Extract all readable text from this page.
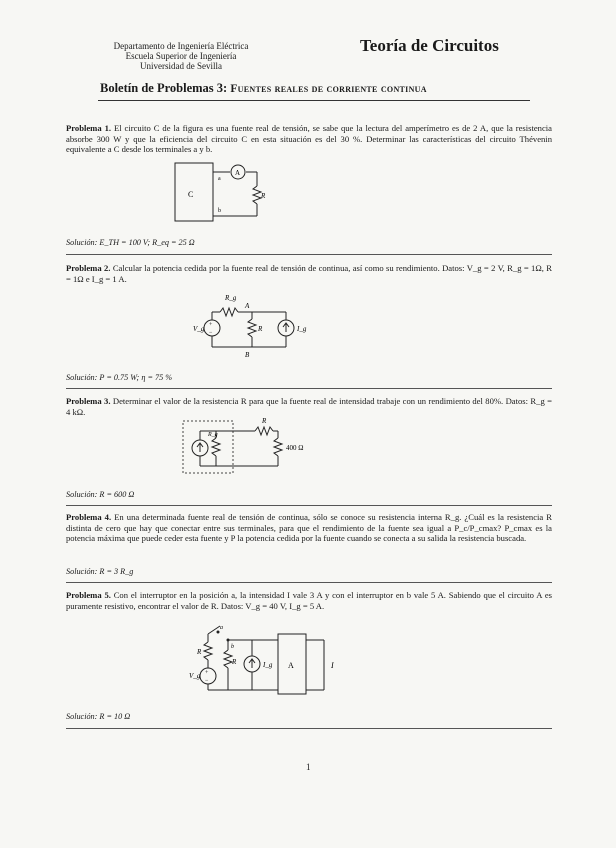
Departamento de Ingeniería Eléctrica
Escuela Superior de Ingeniería
Universidad de Sevilla
Teoría de Circuitos
Boletín de Problemas 3: Fuentes reales de corriente continua
Problema 1. El circuito C de la figura es una fuente real de tensión, se sabe que la lectura del amperímetro es de 2 A, que la resistencia absorbe 300 W y que la eficiencia del circuito C en esta situación es del 30 %. Determinar las características del circuito Thévenin equivalente a C desde los terminales a y b.
C
A
R
a
b
Solución: E_TH = 100 V; R_eq = 25 Ω
Problema 2. Calcular la potencia cedida por la fuente real de tensión de continua, así como su rendimiento. Datos: V_g = 2 V, R_g = 1Ω, R = 1Ω e I_g = 1 A.
R_g
A
+
−
V_g	R	I_g
B
Solución: P = 0.75 W; η = 75 %
Problema 3. Determinar el valor de la resistencia R para que la fuente real de intensidad trabaje con un rendimiento del 80%. Datos: R_g = 4 kΩ.
R_g
R
400 Ω
Solución: R = 600 Ω
Problema 4. En una determinada fuente real de tensión de continua, sólo se conoce su resistencia interna R_g. ¿Cuál es la resistencia R distinta de cero que hay que conectar entre sus terminales, para que el rendimiento de la fuente sea igual a P_c/P_cmax? P_cmax es la potencia máxima que puede ceder esta fuente y P la potencia cedida por la fuente cuando se conecta a su salida la resistencia buscada.
Solución: R = 3 R_g
Problema 5. Con el interruptor en la posición a, la intensidad I vale 3 A y con el interruptor en b vale 5 A. Sabiendo que el circuito A es puramente resistivo, encontrar el valor de R. Datos: V_g = 40 V, I_g = 5 A.
a
b
R
+
−
V_g
R	I_g A	I
Solución: R = 10 Ω
1
